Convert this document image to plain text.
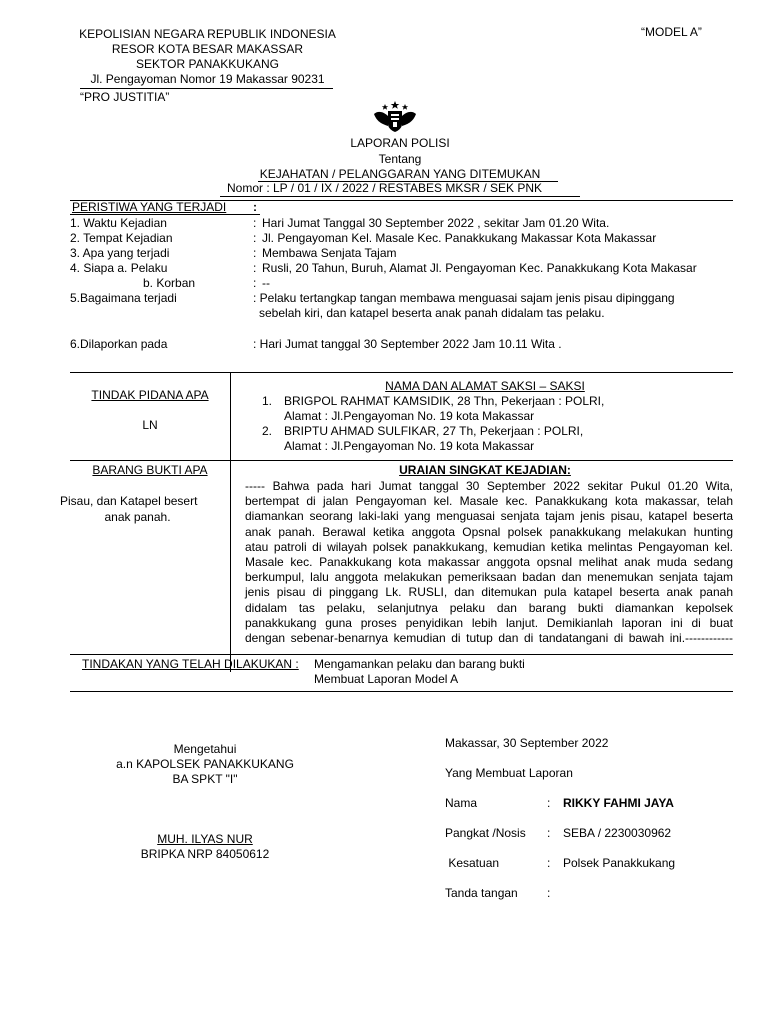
KEPOLISIAN NEGARA REPUBLIK INDONESIA
RESOR KOTA BESAR MAKASSAR
SEKTOR PANAKKUKANG
Jl. Pengayoman Nomor 19 Makassar 90231
“PRO JUSTITIA”
“MODEL A”
LAPORAN POLISI
Tentang
KEJAHATAN / PELANGGARAN YANG DITEMUKAN
Nomor : LP / 01 / IX / 2022 / RESTABES MKSR / SEK PNK
PERISTIWA YANG TERJADI :
1. Waktu Kejadian	: Hari Jumat Tanggal 30 September 2022 , sekitar Jam 01.20 Wita.
2. Tempat Kejadian	: Jl. Pengayoman Kel. Masale Kec. Panakkukang Makassar Kota Makassar
3. Apa yang terjadi	: Membawa Senjata Tajam
4. Siapa a. Pelaku	: Rusli, 20 Tahun, Buruh, Alamat Jl. Pengayoman Kec. Panakkukang Kota Makasar
b. Korban	: --
5.Bagaimana terjadi	: Pelaku tertangkap tangan membawa menguasai sajam jenis pisau dipinggang
sebelah kiri, dan katapel beserta anak panah didalam tas pelaku.
6.Dilaporkan pada	: Hari Jumat tanggal 30 September 2022 Jam 10.11 Wita .
TINDAK PIDANA APA
LN
NAMA DAN ALAMAT SAKSI – SAKSI
1. BRIGPOL RAHMAT KAMSIDIK, 28 Thn, Pekerjaan : POLRI,
Alamat : Jl.Pengayoman No. 19 kota Makassar
2. BRIPTU AHMAD SULFIKAR, 27 Th, Pekerjaan : POLRI,
Alamat : Jl.Pengayoman No. 19 kota Makassar
BARANG BUKTI APA
Pisau, dan Katapel besert
anak panah.
URAIAN SINGKAT KEJADIAN:
----- Bahwa pada hari Jumat tanggal 30 September 2022 sekitar Pukul 01.20 Wita,
bertempat di jalan Pengayoman kel. Masale kec. Panakkukang kota makassar, telah
diamankan seorang laki-laki yang menguasai senjata tajam jenis pisau, katapel beserta
anak panah. Berawal ketika anggota Opsnal polsek panakkukang melakukan hunting
atau patroli di wilayah polsek panakkukang, kemudian ketika melintas Pengayoman kel.
Masale kec. Panakkukang kota makassar anggota opsnal melihat anak muda sedang
berkumpul, lalu anggota melakukan pemeriksaan badan dan menemukan senjata tajam
jenis pisau di pinggang Lk. RUSLI, dan ditemukan pula katapel beserta anak panah
didalam tas pelaku, selanjutnya pelaku dan barang bukti diamankan kepolsek
panakkukang guna proses penyidikan lebih lanjut. Demikianlah laporan ini di buat
dengan sebenar-benarnya kemudian di tutup dan di tandatangani di bawah ini.------------
TINDAKAN YANG TELAH DILAKUKAN : Mengamankan pelaku dan barang bukti
Membuat Laporan Model A
Mengetahui
a.n KAPOLSEK PANAKKUKANG
BA SPKT "I"
MUH. ILYAS NUR
BRIPKA NRP 84050612
Makassar, 30 September 2022
Yang Membuat Laporan
Nama	: RIKKY FAHMI JAYA
Pangkat /Nosis : SEBA / 2230030962
Kesatuan	: Polsek Panakkukang
Tanda tangan :
